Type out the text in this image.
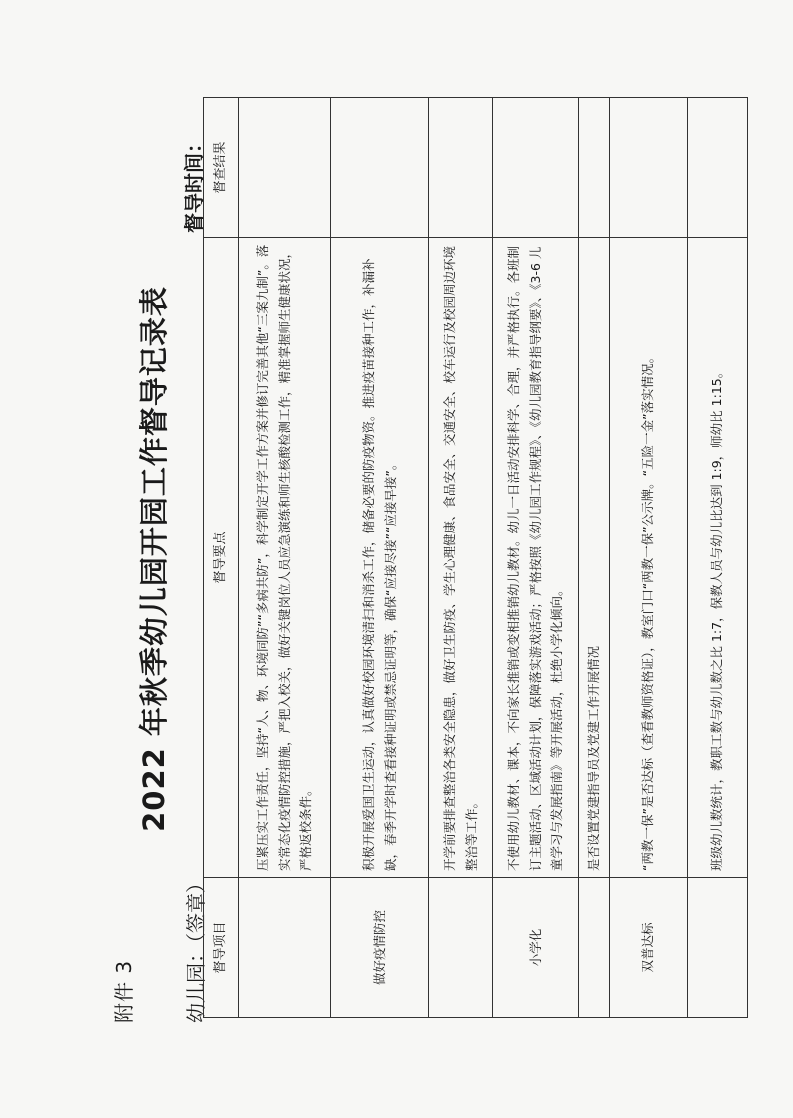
附件 3
2022 年秋季幼儿园开园工作督导记录表
幼儿园：（签章）
督导时间：
督导项目	督导要点	督查结果

	压紧压实工作责任，坚持“人、物、环境同防”“多病共防”，科学制定开学工作方案并修订完善其他“三案九制”。落实常态化疫情防控措施，严把入校关，做好关键岗位人员应急演练和师生核酸检测工作，精准掌握师生健康状况，严格返校条件。	

做好疫情防控	积极开展爱国卫生运动，认真做好校园环境清扫和消杀工作，储备必要的防疫物资。推进疫苗接种工作，补漏补缺，春季开学时查看接种证明或禁忌证明等，确保“应接尽接”“应接早接”。	

	开学前要排查整治各类安全隐患，做好卫生防疫、学生心理健康、食品安全、交通安全、校车运行及校园周边环境整治等工作。	

小学化	不使用幼儿教材、课本，不向家长推销或变相推销幼儿教材。幼儿一日活动安排科学、合理，并严格执行。各班制订主题活动、区域活动计划，保障落实游戏活动；严格按照《幼儿园工作规程》、《幼儿园教育指导纲要》、《3-6 儿童学习与发展指南》等开展活动，杜绝小学化倾向。	

	是否设置党建指导员及党建工作开展情况	

双普达标	“两教一保”是否达标（查看教师资格证），教室门口“两教一保”公示牌。“五险一金”落实情况。	

	班级幼儿数统计，教职工数与幼儿数之比 1:7，保教人员与幼儿比达到 1:9，师幼比 1:15。	
